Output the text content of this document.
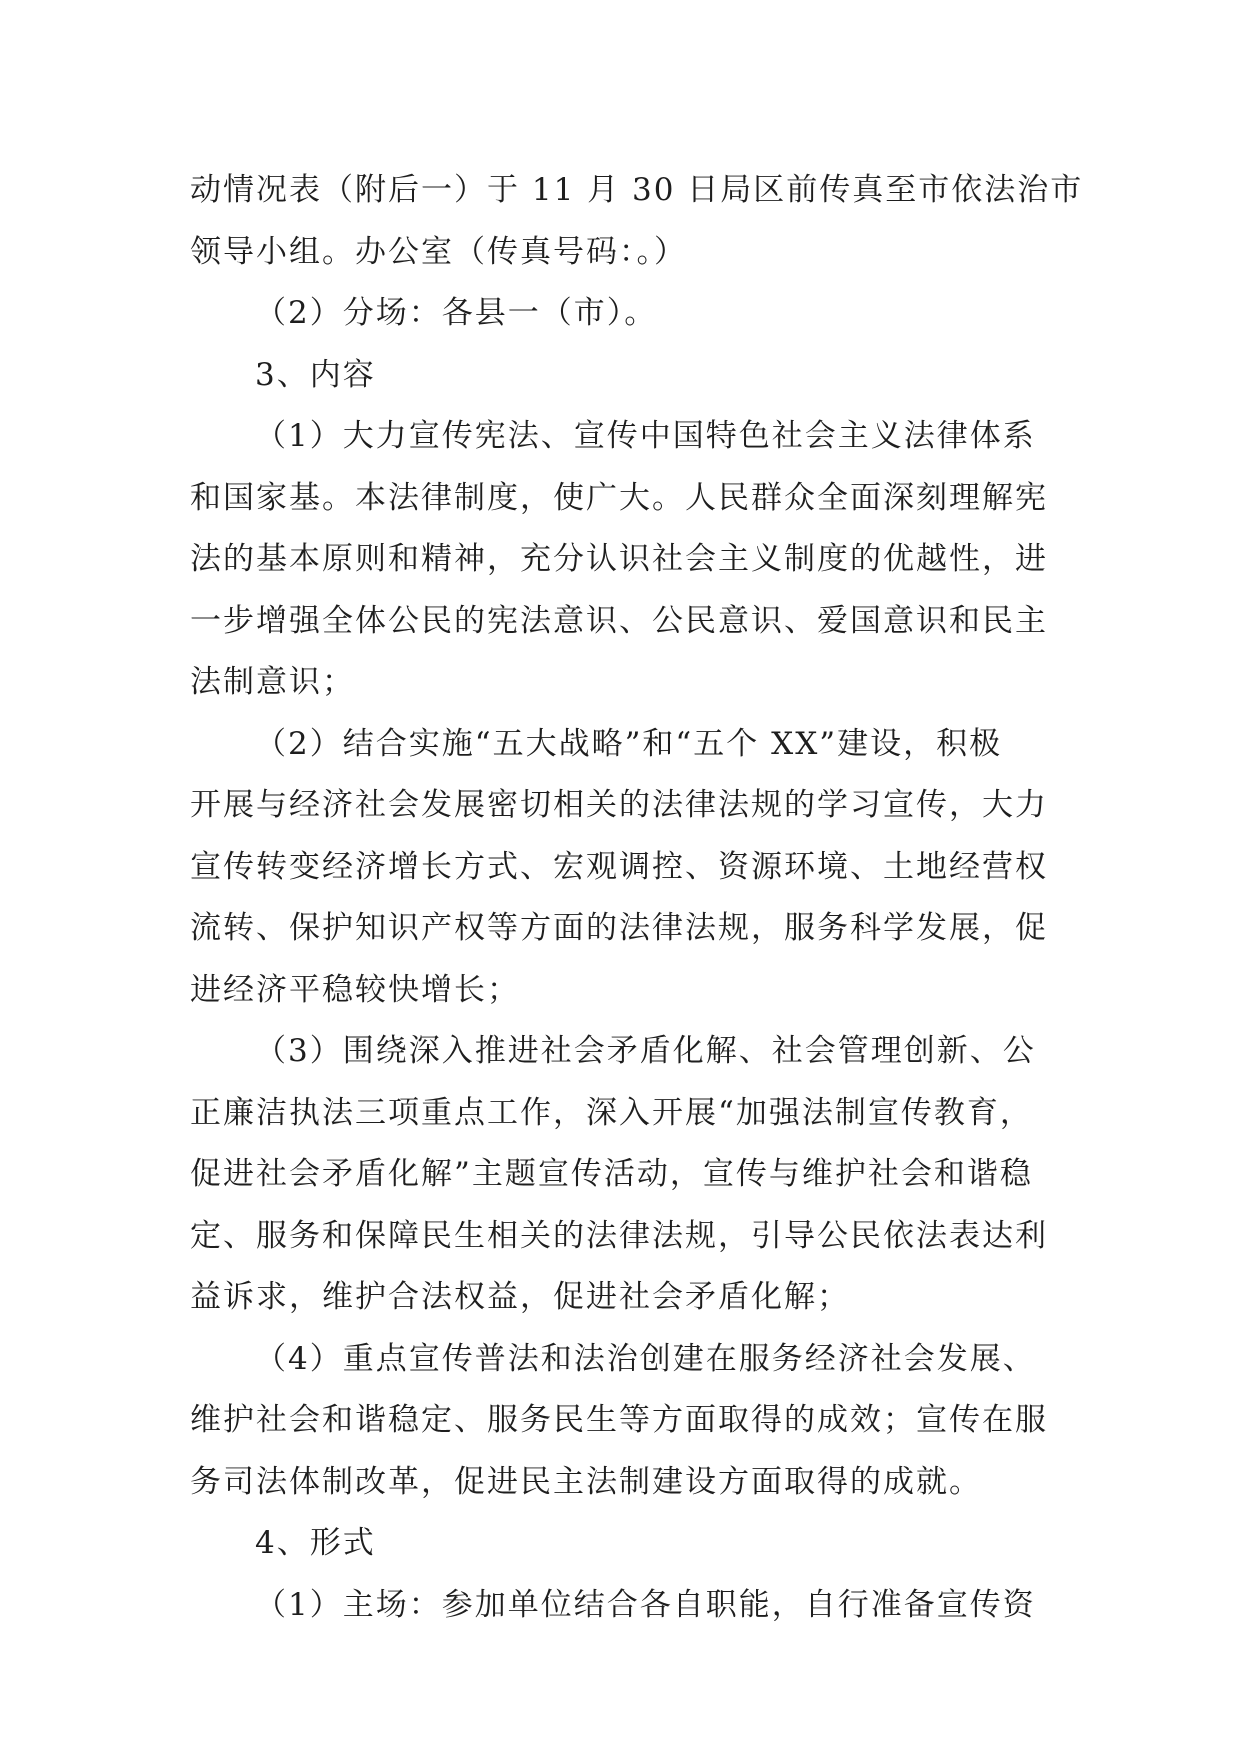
动情况表（附后一）于 11 月 30 日局区前传真至市依法治市
领导小组。办公室（传真号码：。）
（2）分场：各县一（市）。
3、内容
（1）大力宣传宪法、宣传中国特色社会主义法律体系
和国家基。本法律制度，使广大。人民群众全面深刻理解宪
法的基本原则和精神，充分认识社会主义制度的优越性，进
一步增强全体公民的宪法意识、公民意识、爱国意识和民主
法制意识；
（2）结合实施“五大战略”和“五个 XX”建设，积极
开展与经济社会发展密切相关的法律法规的学习宣传，大力
宣传转变经济增长方式、宏观调控、资源环境、土地经营权
流转、保护知识产权等方面的法律法规，服务科学发展，促
进经济平稳较快增长；
（3）围绕深入推进社会矛盾化解、社会管理创新、公
正廉洁执法三项重点工作，深入开展“加强法制宣传教育，
促进社会矛盾化解”主题宣传活动，宣传与维护社会和谐稳
定、服务和保障民生相关的法律法规，引导公民依法表达利
益诉求，维护合法权益，促进社会矛盾化解；
（4）重点宣传普法和法治创建在服务经济社会发展、
维护社会和谐稳定、服务民生等方面取得的成效；宣传在服
务司法体制改革，促进民主法制建设方面取得的成就。
4、形式
（1）主场：参加单位结合各自职能，自行准备宣传资
